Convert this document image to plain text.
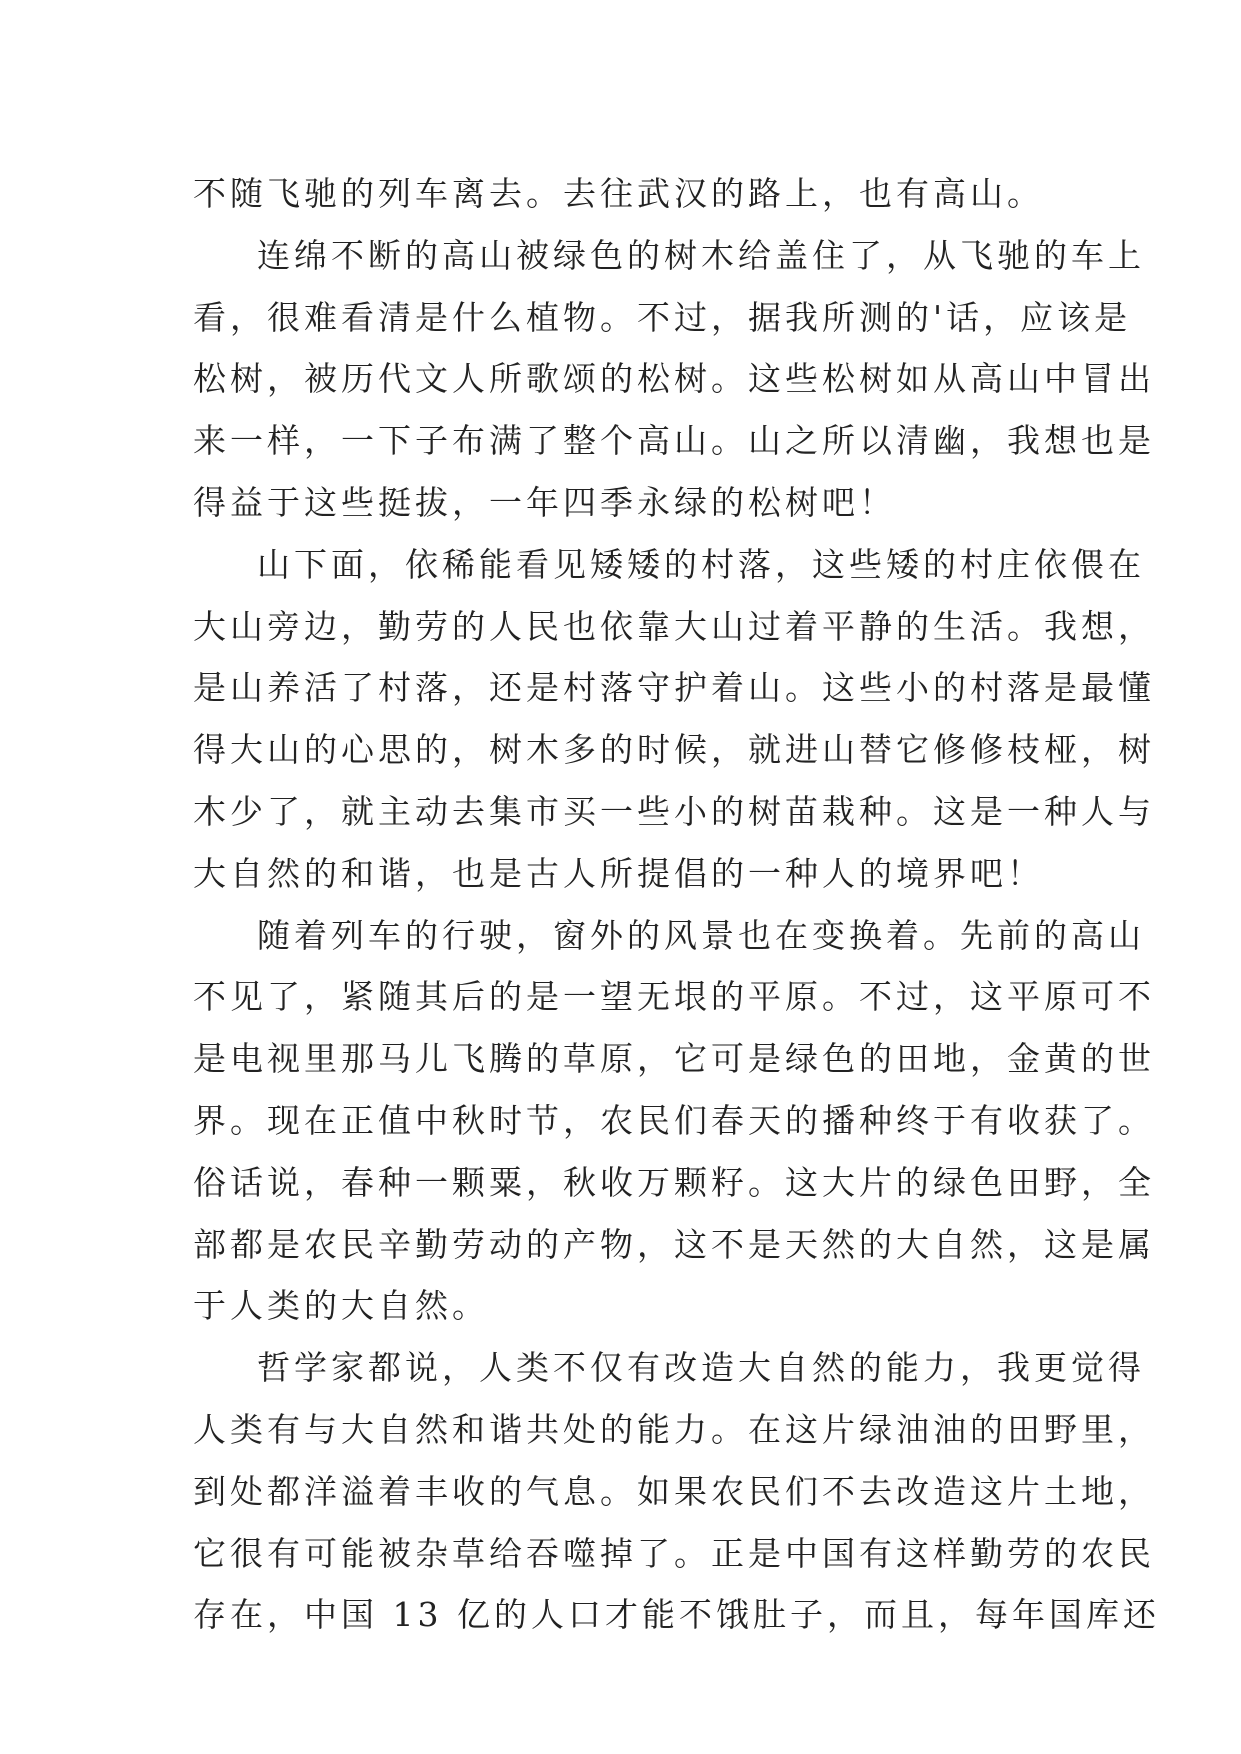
不随飞驰的列车离去。去往武汉的路上，也有高山。
连绵不断的高山被绿色的树木给盖住了，从飞驰的车上
看，很难看清是什么植物。不过，据我所测的'话，应该是
松树，被历代文人所歌颂的松树。这些松树如从高山中冒出
来一样，一下子布满了整个高山。山之所以清幽，我想也是
得益于这些挺拔，一年四季永绿的松树吧！
山下面，依稀能看见矮矮的村落，这些矮的村庄依偎在
大山旁边，勤劳的人民也依靠大山过着平静的生活。我想，
是山养活了村落，还是村落守护着山。这些小的村落是最懂
得大山的心思的，树木多的时候，就进山替它修修枝桠，树
木少了，就主动去集市买一些小的树苗栽种。这是一种人与
大自然的和谐，也是古人所提倡的一种人的境界吧！
随着列车的行驶，窗外的风景也在变换着。先前的高山
不见了，紧随其后的是一望无垠的平原。不过，这平原可不
是电视里那马儿飞腾的草原，它可是绿色的田地，金黄的世
界。现在正值中秋时节，农民们春天的播种终于有收获了。
俗话说，春种一颗粟，秋收万颗籽。这大片的绿色田野，全
部都是农民辛勤劳动的产物，这不是天然的大自然，这是属
于人类的大自然。
哲学家都说，人类不仅有改造大自然的能力，我更觉得
人类有与大自然和谐共处的能力。在这片绿油油的田野里，
到处都洋溢着丰收的气息。如果农民们不去改造这片土地，
它很有可能被杂草给吞噬掉了。正是中国有这样勤劳的农民
存在，中国 13 亿的人口才能不饿肚子，而且，每年国库还
